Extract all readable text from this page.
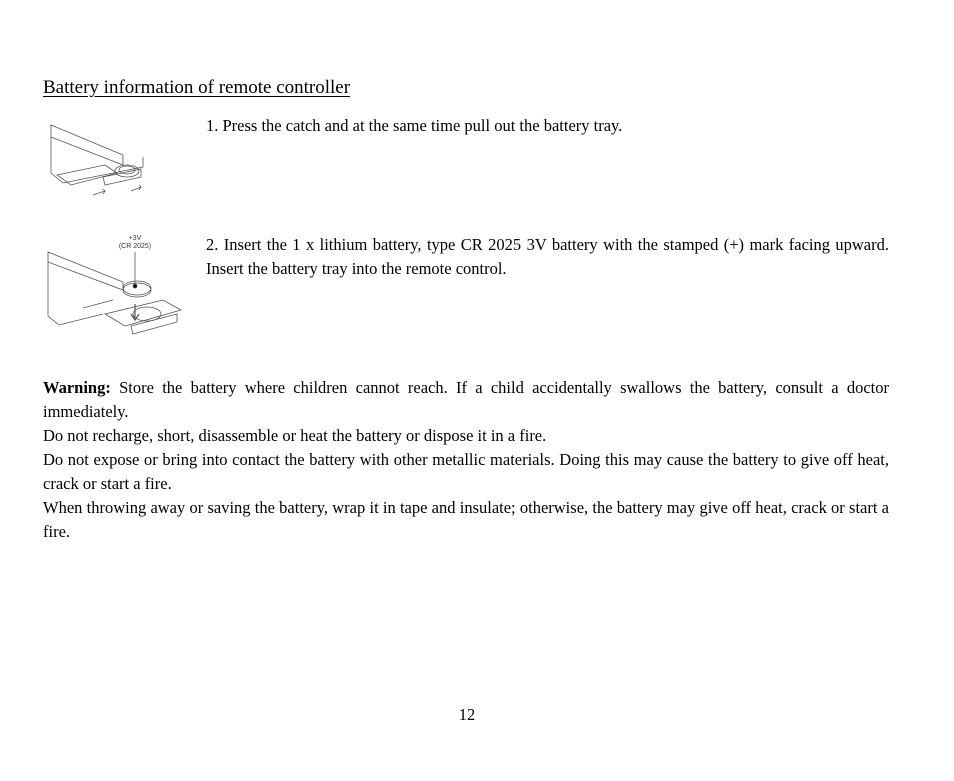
Battery information of remote controller

1. Press the catch and at the same time pull out the battery tray.

+3V
(CR 2025)	2. Insert the 1 x lithium battery, type CR 2025 3V battery with the stamped (+) mark facing upward. Insert the battery tray into the remote control.

Warning: Store the battery where children cannot reach. If a child accidentally swallows the battery, consult a doctor immediately.

Do not recharge, short, disassemble or heat the battery or dispose it in a fire.

Do not expose or bring into contact the battery with other metallic materials. Doing this may cause the battery to give off heat, crack or start a fire.

When throwing away or saving the battery, wrap it in tape and insulate; otherwise, the battery may give off heat, crack or start a fire.

12
